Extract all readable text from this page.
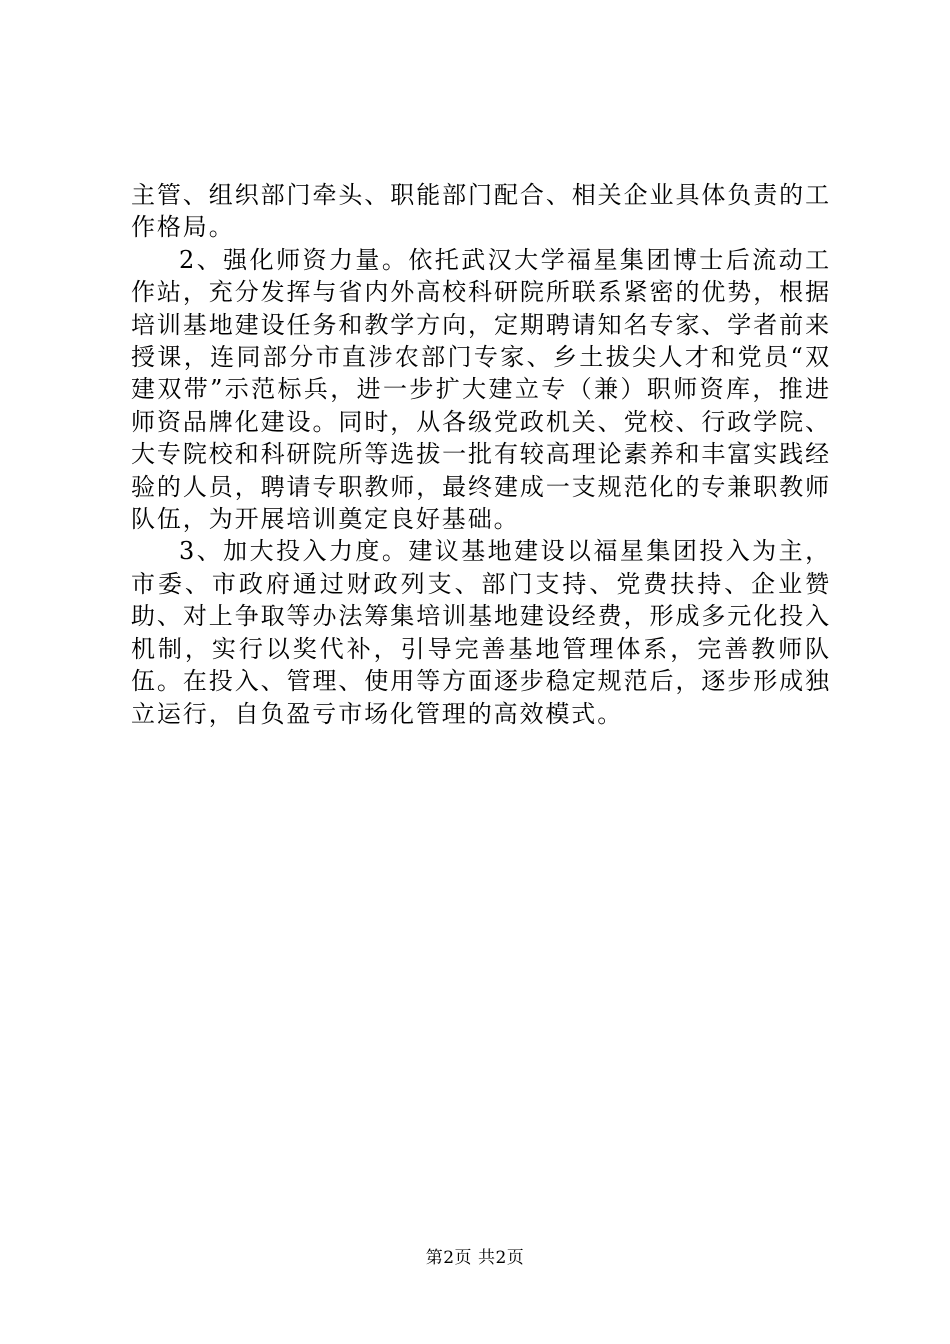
主管、组织部门牵头、职能部门配合、相关企业具体负责的工作格局。

2、强化师资力量。依托武汉大学福星集团博士后流动工作站，充分发挥与省内外高校科研院所联系紧密的优势，根据培训基地建设任务和教学方向，定期聘请知名专家、学者前来授课，连同部分市直涉农部门专家、乡土拔尖人才和党员“双建双带”示范标兵，进一步扩大建立专（兼）职师资库，推进师资品牌化建设。同时，从各级党政机关、党校、行政学院、大专院校和科研院所等选拔一批有较高理论素养和丰富实践经验的人员，聘请专职教师，最终建成一支规范化的专兼职教师队伍，为开展培训奠定良好基础。

3、加大投入力度。建议基地建设以福星集团投入为主，市委、市政府通过财政列支、部门支持、党费扶持、企业赞助、对上争取等办法筹集培训基地建设经费，形成多元化投入机制，实行以奖代补，引导完善基地管理体系，完善教师队伍。在投入、管理、使用等方面逐步稳定规范后，逐步形成独立运行，自负盈亏市场化管理的高效模式。

第2页 共2页
